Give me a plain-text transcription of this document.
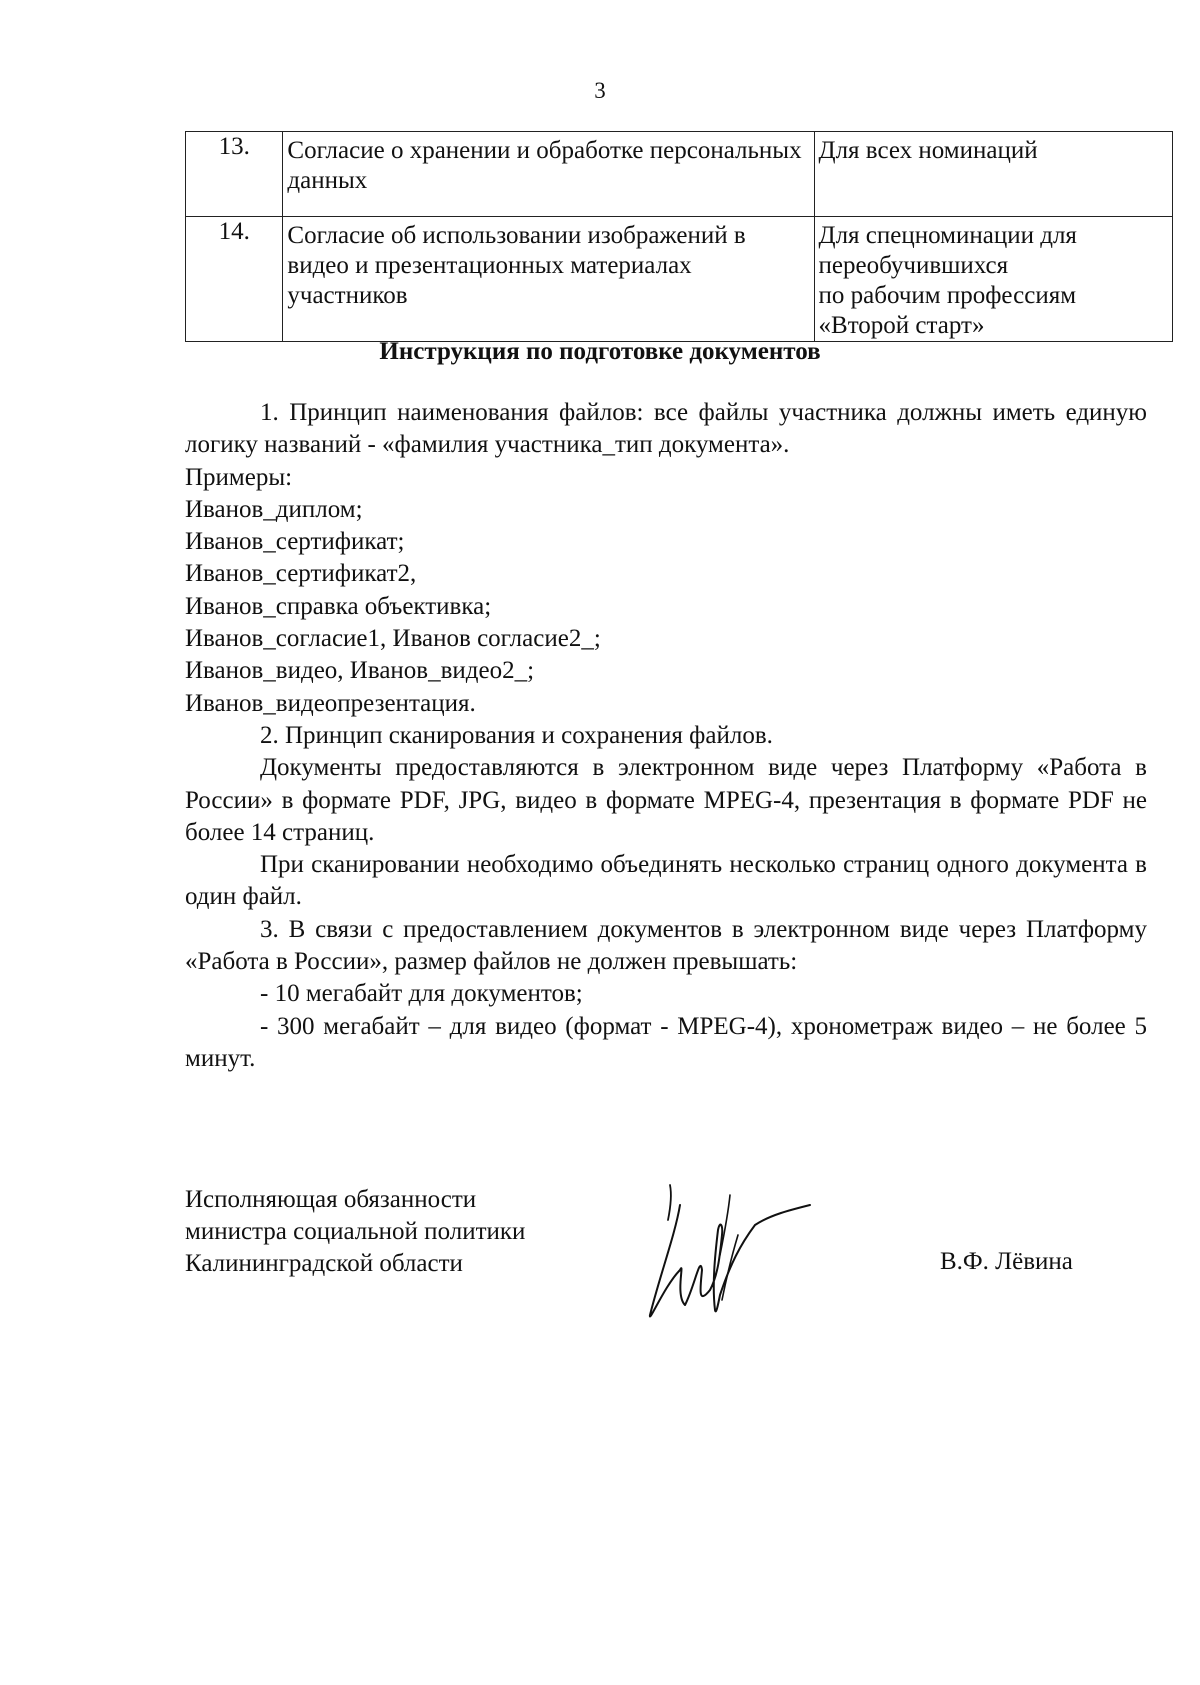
3
13.	Согласие о хранении и обработке персональных данных	Для всех номинаций
14.	Согласие об использовании изображений в видео и презентационных материалах участников	Для спецноминации для
переобучившихся
по рабочим профессиям
«Второй старт»
Инструкция по подготовке документов

1. Принцип наименования файлов: все файлы участника должны иметь единую логику названий - «фамилия участника_тип документа».

Примеры:

Иванов_диплом;

Иванов_сертификат;

Иванов_сертификат2,

Иванов_справка объективка;

Иванов_согласие1, Иванов согласие2_;

Иванов_видео, Иванов_видео2_;

Иванов_видеопрезентация.

2. Принцип сканирования и сохранения файлов.

Документы предоставляются в электронном виде через Платформу «Работа в России» в формате PDF, JPG, видео в формате MPEG-4, презентация в формате PDF не более 14 страниц.

При сканировании необходимо объединять несколько страниц одного документа в один файл.

3. В связи с предоставлением документов в электронном виде через Платформу «Работа в России», размер файлов не должен превышать:

- 10 мегабайт для документов;

- 300 мегабайт – для видео (формат - MPEG-4), хронометраж видео – не более 5 минут.

Исполняющая обязанности
министра социальной политики
Калининградской области	В.Ф. Лёвина
